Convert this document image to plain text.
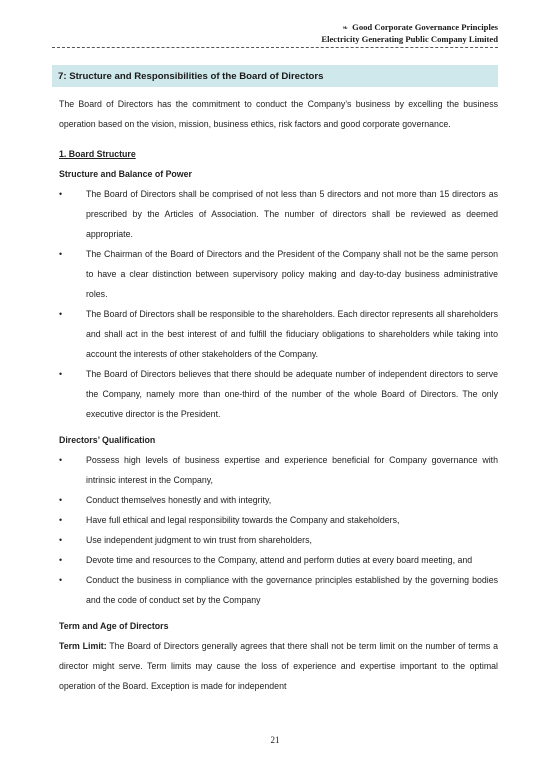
❧ Good Corporate Governance Principles
Electricity Generating Public Company Limited
7: Structure and Responsibilities of the Board of Directors

The Board of Directors has the commitment to conduct the Company’s business by excelling the business operation based on the vision, mission, business ethics, risk factors and good corporate governance.

1. Board Structure
Structure and Balance of Power
• The Board of Directors shall be comprised of not less than 5 directors and not more than 15 directors as prescribed by the Articles of Association. The number of directors shall be reviewed as deemed appropriate.
• The Chairman of the Board of Directors and the President of the Company shall not be the same person to have a clear distinction between supervisory policy making and day-to-day business administrative roles.
• The Board of Directors shall be responsible to the shareholders. Each director represents all shareholders and shall act in the best interest of and fulfill the fiduciary obligations to shareholders while taking into account the interests of other stakeholders of the Company.
• The Board of Directors believes that there should be adequate number of independent directors to serve the Company, namely more than one-third of the number of the whole Board of Directors. The only executive director is the President.
Directors’ Qualification
• Possess high levels of business expertise and experience beneficial for Company governance with intrinsic interest in the Company,
• Conduct themselves honestly and with integrity,
• Have full ethical and legal responsibility towards the Company and stakeholders,
• Use independent judgment to win trust from shareholders,
• Devote time and resources to the Company, attend and perform duties at every board meeting, and
• Conduct the business in compliance with the governance principles established by the governing bodies and the code of conduct set by the Company
Term and Age of Directors

Term Limit: The Board of Directors generally agrees that there shall not be term limit on the number of terms a director might serve. Term limits may cause the loss of experience and expertise important to the optimal operation of the Board. Exception is made for independent

21
